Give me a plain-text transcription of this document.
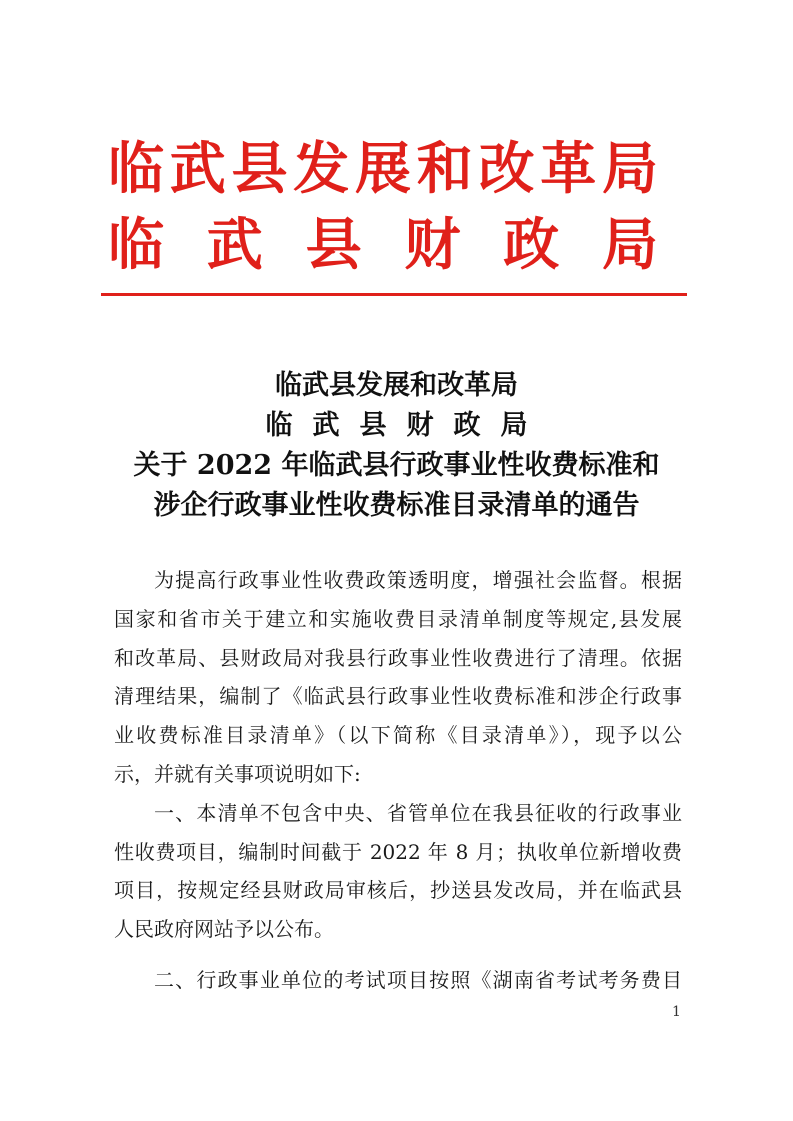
临 武 县 发 展 和 改 革 局
临 武 县 财 政 局
临武县发展和改革局
临武县财政局
关于 2022 年临武县行政事业性收费标准和
涉企行政事业性收费标准目录清单的通告
为提高行政事业性收费政策透明度，增强社会监督。根据
国家和省市关于建立和实施收费目录清单制度等规定,县发展
和改革局、县财政局对我县行政事业性收费进行了清理。依据
清理结果，编制了《临武县行政事业性收费标准和涉企行政事
业收费标准目录清单》（以下简称《目录清单》），现予以公
示，并就有关事项说明如下:
一、本清单不包含中央、省管单位在我县征收的行政事业
性收费项目，编制时间截于 2022 年 8 月；执收单位新增收费
项目，按规定经县财政局审核后，抄送县发改局，并在临武县
人民政府网站予以公布。
二、行政事业单位的考试项目按照《湖南省考试考务费目
1
